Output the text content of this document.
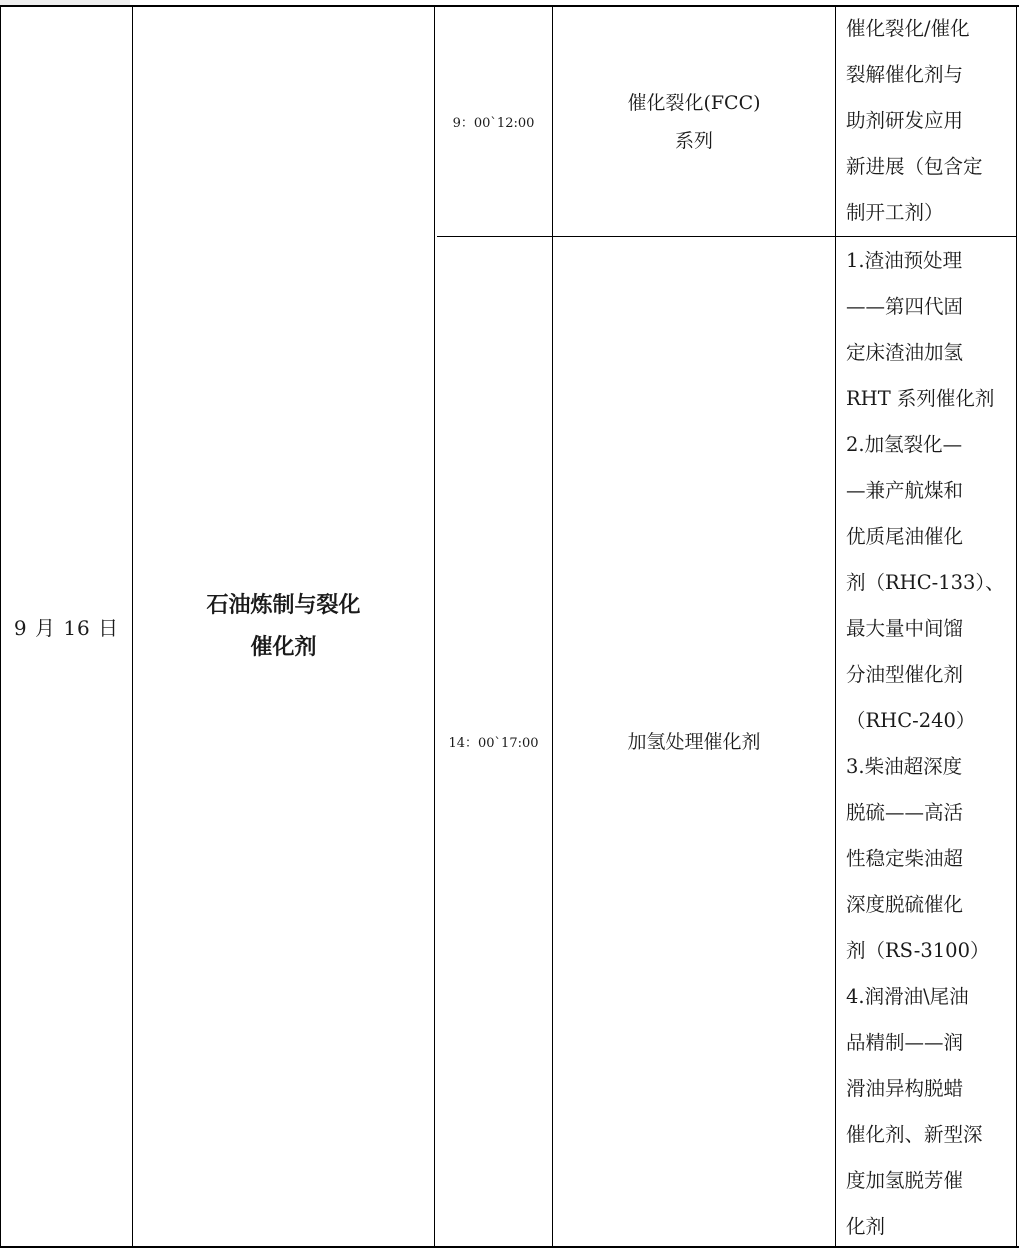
9 月 16 日
石油炼制与裂化
催化剂
9：00`12:00
催化裂化(FCC)
系列
催化裂化/催化
裂解催化剂与
助剂研发应用
新进展（包含定
制开工剂）
14：00`17:00	加氢处理催化剂
1.渣油预处理
——第四代固
定床渣油加氢
RHT 系列催化剂
2.加氢裂化—
—兼产航煤和
优质尾油催化
剂（RHC-133）、
最大量中间馏
分油型催化剂
（RHC-240）
3.柴油超深度
脱硫——高活
性稳定柴油超
深度脱硫催化
剂（RS-3100）
4.润滑油\尾油
品精制——润
滑油异构脱蜡
催化剂、新型深
度加氢脱芳催
化剂
